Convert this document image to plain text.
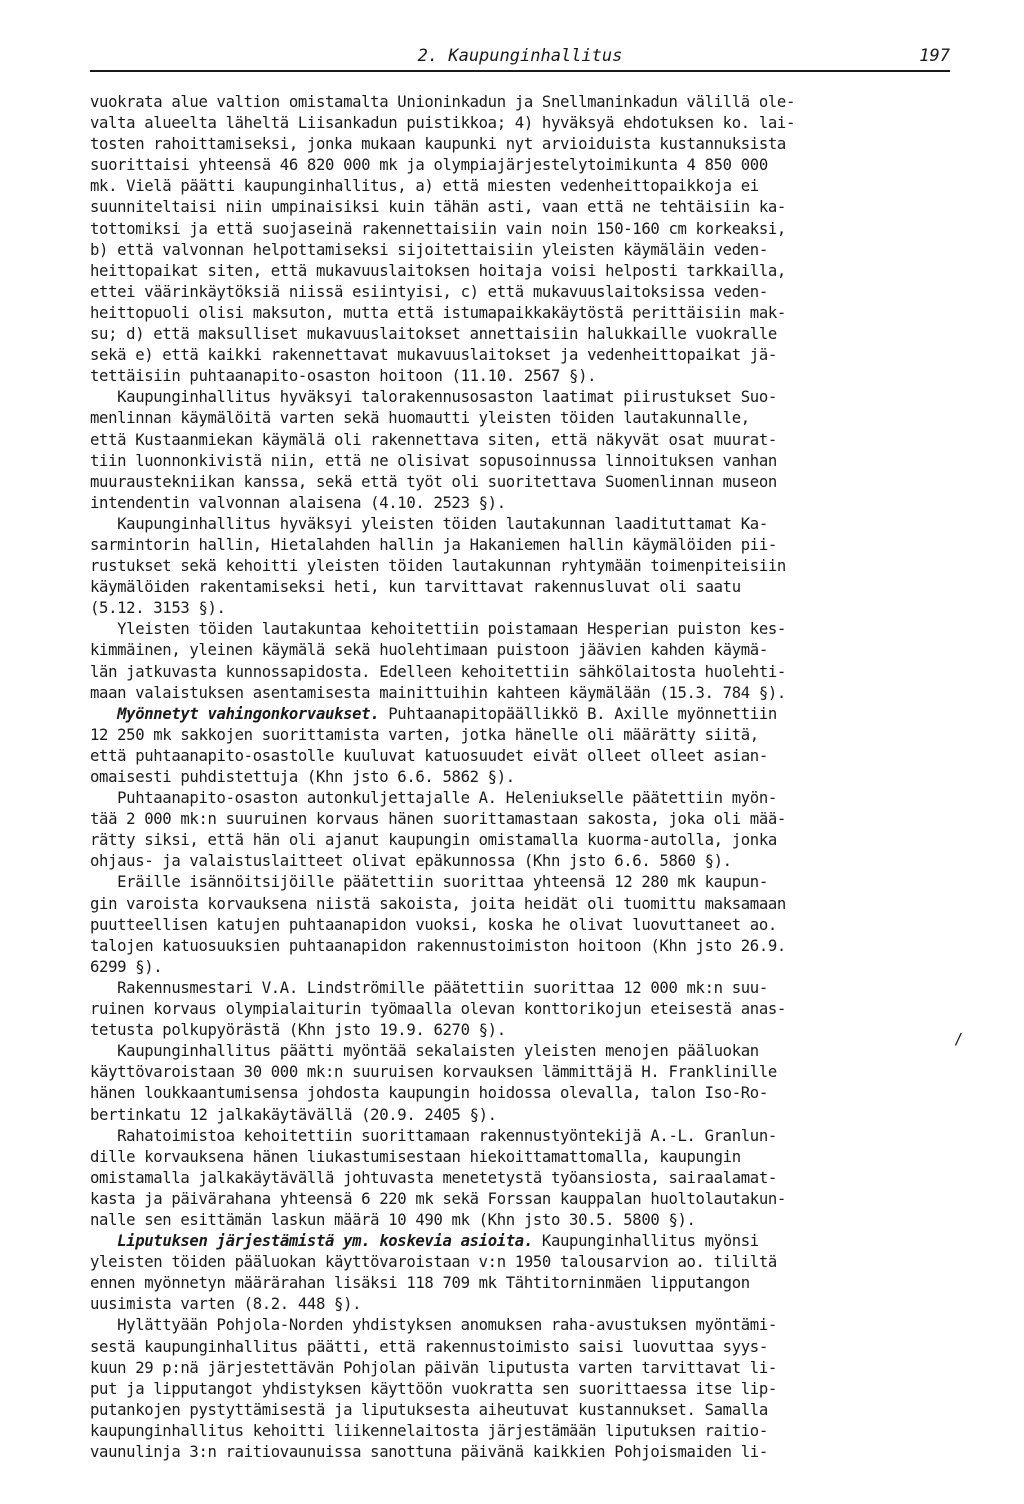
2. Kaupunginhallitus	197
vuokrata alue valtion omistamalta Unioninkadun ja Snellmaninkadun välillä ole-
valta alueelta läheltä Liisankadun puistikkoa; 4) hyväksyä ehdotuksen ko. lai-
tosten rahoittamiseksi, jonka mukaan kaupunki nyt arvioiduista kustannuksista
suorittaisi yhteensä 46 820 000 mk ja olympiajärjestelytoimikunta 4 850 000
mk. Vielä päätti kaupunginhallitus, a) että miesten vedenheittopaikkoja ei
suunniteltaisi niin umpinaisiksi kuin tähän asti, vaan että ne tehtäisiin ka-
tottomiksi ja että suojaseinä rakennettaisiin vain noin 150-160 cm korkeaksi,
b) että valvonnan helpottamiseksi sijoitettaisiin yleisten käymäläin veden-
heittopaikat siten, että mukavuuslaitoksen hoitaja voisi helposti tarkkailla,
ettei väärinkäytöksiä niissä esiintyisi, c) että mukavuuslaitoksissa veden-
heittopuoli olisi maksuton, mutta että istumapaikkakäytöstä perittäisiin mak-
su; d) että maksulliset mukavuuslaitokset annettaisiin halukkaille vuokralle
sekä e) että kaikki rakennettavat mukavuuslaitokset ja vedenheittopaikat jä-
tettäisiin puhtaanapito-osaston hoitoon (11.10. 2567 §).
Kaupunginhallitus hyväksyi talorakennusosaston laatimat piirustukset Suo-
menlinnan käymälöitä varten sekä huomautti yleisten töiden lautakunnalle,
että Kustaanmiekan käymälä oli rakennettava siten, että näkyvät osat muurat-
tiin luonnonkivistä niin, että ne olisivat sopusoinnussa linnoituksen vanhan
muuraustekniikan kanssa, sekä että työt oli suoritettava Suomenlinnan museon
intendentin valvonnan alaisena (4.10. 2523 §).
Kaupunginhallitus hyväksyi yleisten töiden lautakunnan laadituttamat Ka-
sarmintorin hallin, Hietalahden hallin ja Hakaniemen hallin käymälöiden pii-
rustukset sekä kehoitti yleisten töiden lautakunnan ryhtymään toimenpiteisiin
käymälöiden rakentamiseksi heti, kun tarvittavat rakennusluvat oli saatu
(5.12. 3153 §).
Yleisten töiden lautakuntaa kehoitettiin poistamaan Hesperian puiston kes-
kimmäinen, yleinen käymälä sekä huolehtimaan puistoon jäävien kahden käymä-
län jatkuvasta kunnossapidosta. Edelleen kehoitettiin sähkölaitosta huolehti-
maan valaistuksen asentamisesta mainittuihin kahteen käymälään (15.3. 784 §).
Myönnetyt vahingonkorvaukset. Puhtaanapitopäällikkö B. Axille myönnettiin
12 250 mk sakkojen suorittamista varten, jotka hänelle oli määrätty siitä,
että puhtaanapito-osastolle kuuluvat katuosuudet eivät olleet olleet asian-
omaisesti puhdistettuja (Khn jsto 6.6. 5862 §).
Puhtaanapito-osaston autonkuljettajalle A. Heleniukselle päätettiin myön-
tää 2 000 mk:n suuruinen korvaus hänen suorittamastaan sakosta, joka oli mää-
rätty siksi, että hän oli ajanut kaupungin omistamalla kuorma-autolla, jonka
ohjaus- ja valaistuslaitteet olivat epäkunnossa (Khn jsto 6.6. 5860 §).
Eräille isännöitsijöille päätettiin suorittaa yhteensä 12 280 mk kaupun-
gin varoista korvauksena niistä sakoista, joita heidät oli tuomittu maksamaan
puutteellisen katujen puhtaanapidon vuoksi, koska he olivat luovuttaneet ao.
talojen katuosuuksien puhtaanapidon rakennustoimiston hoitoon (Khn jsto 26.9.
6299 §).
Rakennusmestari V.A. Lindströmille päätettiin suorittaa 12 000 mk:n suu-
ruinen korvaus olympialaiturin työmaalla olevan konttorikojun eteisestä anas-
tetusta polkupyörästä (Khn jsto 19.9. 6270 §).
Kaupunginhallitus päätti myöntää sekalaisten yleisten menojen pääluokan
käyttövaroistaan 30 000 mk:n suuruisen korvauksen lämmittäjä H. Franklinille
hänen loukkaantumisensa johdosta kaupungin hoidossa olevalla, talon Iso-Ro-
bertinkatu 12 jalkakäytävällä (20.9. 2405 §).
Rahatoimistoa kehoitettiin suorittamaan rakennustyöntekijä A.-L. Granlun-
dille korvauksena hänen liukastumisestaan hiekoittamattomalla, kaupungin
omistamalla jalkakäytävällä johtuvasta menetetystä työansiosta, sairaalamat-
kasta ja päivärahana yhteensä 6 220 mk sekä Forssan kauppalan huoltolautakun-
nalle sen esittämän laskun määrä 10 490 mk (Khn jsto 30.5. 5800 §).
Liputuksen järjestämistä ym. koskevia asioita. Kaupunginhallitus myönsi
yleisten töiden pääluokan käyttövaroistaan v:n 1950 talousarvion ao. tililtä
ennen myönnetyn määrärahan lisäksi 118 709 mk Tähtitorninmäen lipputangon
uusimista varten (8.2. 448 §).
Hylättyään Pohjola-Norden yhdistyksen anomuksen raha-avustuksen myöntämi-
sestä kaupunginhallitus päätti, että rakennustoimisto saisi luovuttaa syys-
kuun 29 p:nä järjestettävän Pohjolan päivän liputusta varten tarvittavat li-
put ja lipputangot yhdistyksen käyttöön vuokratta sen suorittaessa itse lip-
putankojen pystyttämisestä ja liputuksesta aiheutuvat kustannukset. Samalla
kaupunginhallitus kehoitti liikennelaitosta järjestämään liputuksen raitio-
vaunulinja 3:n raitiovaunuissa sanottuna päivänä kaikkien Pohjoismaiden li-
/
